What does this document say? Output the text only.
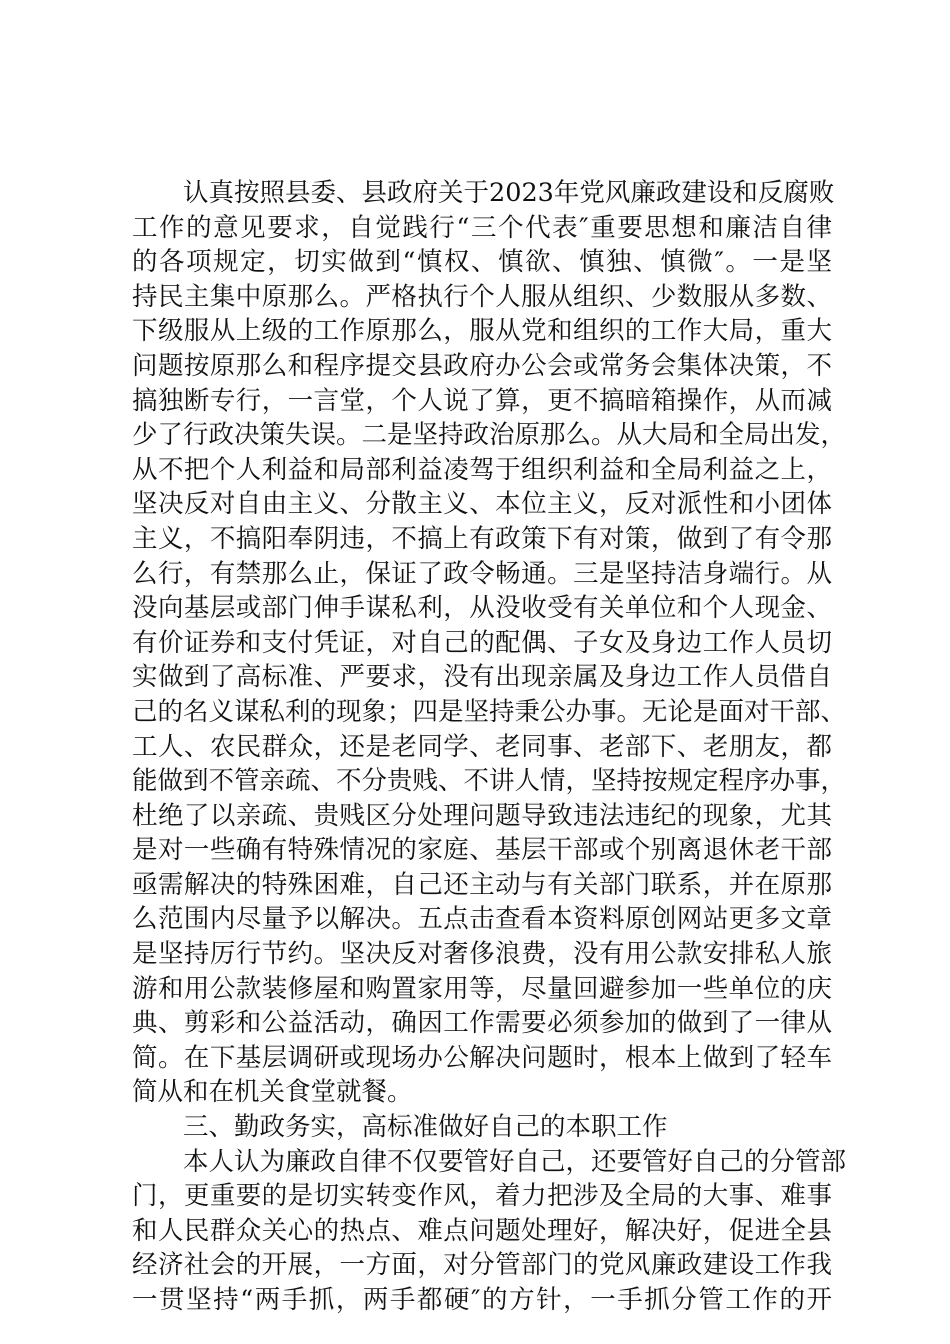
认真按照县委、县政府关于2023年党风廉政建设和反腐败
工作的意见要求，自觉践行“三个代表″重要思想和廉洁自律
的各项规定，切实做到“慎权、慎欲、慎独、慎微″。一是坚
持民主集中原那么。严格执行个人服从组织、少数服从多数、
下级服从上级的工作原那么，服从党和组织的工作大局，重大
问题按原那么和程序提交县政府办公会或常务会集体决策，不
搞独断专行，一言堂，个人说了算，更不搞暗箱操作，从而减
少了行政决策失误。二是坚持政治原那么。从大局和全局出发，
从不把个人利益和局部利益凌驾于组织利益和全局利益之上，
坚决反对自由主义、分散主义、本位主义，反对派性和小团体
主义，不搞阳奉阴违，不搞上有政策下有对策，做到了有令那
么行，有禁那么止，保证了政令畅通。三是坚持洁身端行。从
没向基层或部门伸手谋私利，从没收受有关单位和个人现金、
有价证券和支付凭证，对自己的配偶、子女及身边工作人员切
实做到了高标准、严要求，没有出现亲属及身边工作人员借自
己的名义谋私利的现象；四是坚持秉公办事。无论是面对干部、
工人、农民群众，还是老同学、老同事、老部下、老朋友，都
能做到不管亲疏、不分贵贱、不讲人情，坚持按规定程序办事，
杜绝了以亲疏、贵贱区分处理问题导致违法违纪的现象，尤其
是对一些确有特殊情况的家庭、基层干部或个别离退休老干部
亟需解决的特殊困难，自己还主动与有关部门联系，并在原那
么范围内尽量予以解决。五点击查看本资料原创网站更多文章
是坚持厉行节约。坚决反对奢侈浪费，没有用公款安排私人旅
游和用公款装修屋和购置家用等，尽量回避参加一些单位的庆
典、剪彩和公益活动，确因工作需要必须参加的做到了一律从
简。在下基层调研或现场办公解决问题时，根本上做到了轻车
简从和在机关食堂就餐。
三、勤政务实，高标准做好自己的本职工作
本人认为廉政自律不仅要管好自己，还要管好自己的分管部
门，更重要的是切实转变作风，着力把涉及全局的大事、难事
和人民群众关心的热点、难点问题处理好，解决好，促进全县
经济社会的开展，一方面，对分管部门的党风廉政建设工作我
一贯坚持“两手抓，两手都硬″的方针，一手抓分管工作的开
